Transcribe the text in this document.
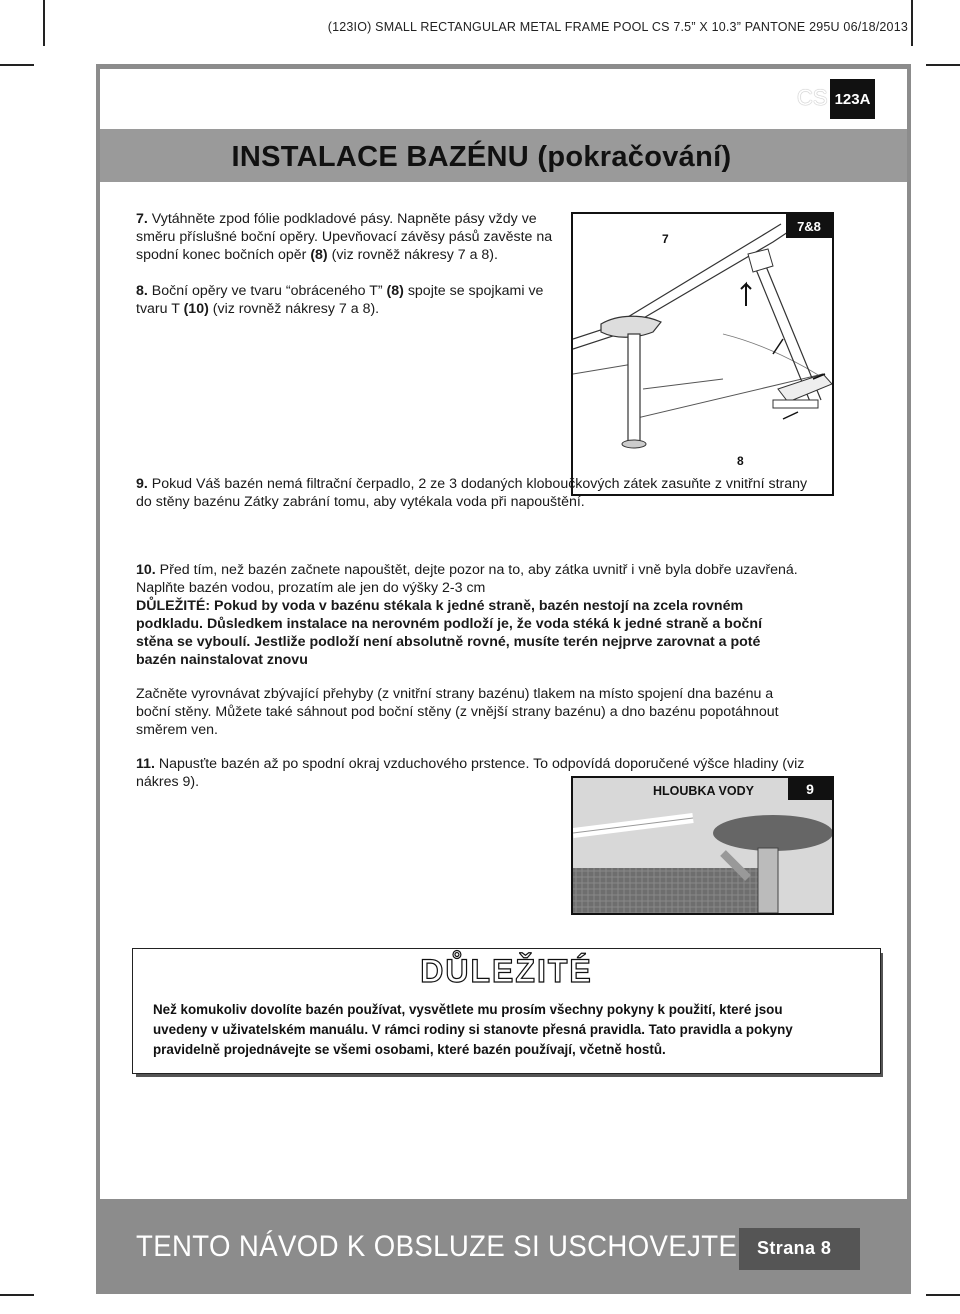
(123IO) SMALL RECTANGULAR METAL FRAME POOL CS 7.5” X 10.3” PANTONE 295U 06/18/2013
CS 123A
INSTALACE BAZÉNU (pokračování)
7. Vytáhněte zpod fólie podkladové pásy. Napněte pásy vždy ve směru příslušné boční opěry. Upevňovací závěsy pásů zavěste na spodní konec bočních opěr (8) (viz rovněž nákresy 7 a 8).
8. Boční opěry ve tvaru “obráceného T” (8) spojte se spojkami ve tvaru T (10) (viz rovněž nákresy 7 a 8).
7&8
7
8
9. Pokud Váš bazén nemá filtrační čerpadlo, 2 ze 3 dodaných kloboučkových zátek zasuňte z vnitřní strany do stěny bazénu Zátky zabrání tomu, aby vytékala voda při napouštění.
10. Před tím, než bazén začnete napouštět, dejte pozor na to, aby zátka uvnitř i vně byla dobře uzavřená.
Naplňte bazén vodou, prozatím ale jen do výšky 2-3 cm
DŮLEŽITÉ: Pokud by voda v bazénu stékala k jedné straně, bazén nestojí na zcela rovném podkladu. Důsledkem instalace na nerovném podloží je, že voda stéká k jedné straně a boční stěna se vyboulí. Jestliže podloží není absolutně rovné, musíte terén nejprve zarovnat a poté bazén nainstalovat znovu
Začněte vyrovnávat zbývající přehyby (z vnitřní strany bazénu) tlakem na místo spojení dna bazénu a boční stěny. Můžete také sáhnout pod boční stěny (z vnější strany bazénu) a dno bazénu popotáhnout směrem ven.
11. Napusťte bazén až po spodní okraj vzduchového prstence. To odpovídá doporučené výšce hladiny (viz nákres 9).
HLOUBKA VODY	9
DŮLEŽITÉ
Než komukoliv dovolíte bazén používat, vysvětlete mu prosím všechny pokyny k použití, které jsou uvedeny v uživatelském manuálu. V rámci rodiny si stanovte přesná pravidla. Tato pravidla a pokyny pravidelně projednávejte se všemi osobami, které bazén používají, včetně hostů.
TENTO NÁVOD K OBSLUZE SI USCHOVEJTE Strana 8
